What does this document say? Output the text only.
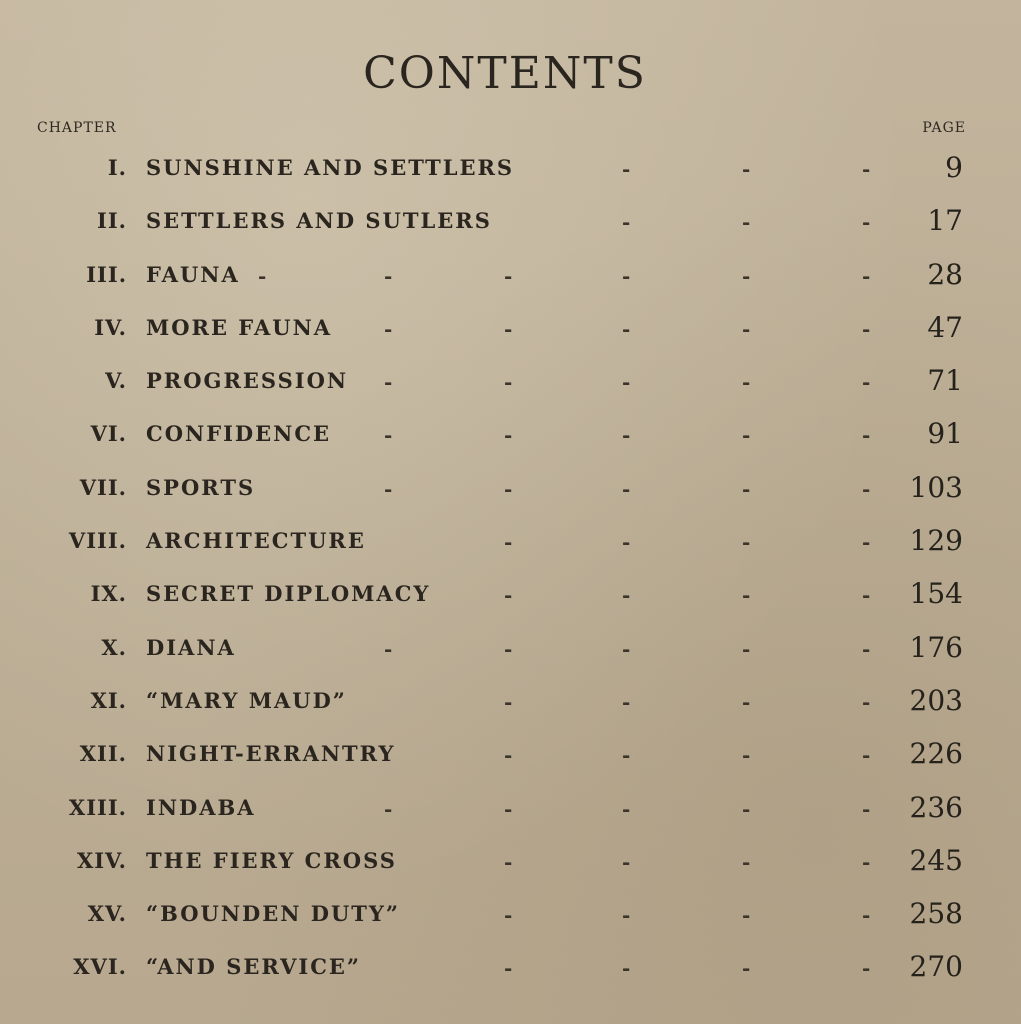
CONTENTS
CHAPTER	PAGE
I. SUNSHINE AND SETTLERS	-	-	-	9
II. SETTLERS AND SUTLERS	-	-	- 17
III. FAUNA -	-	-	-	-	- 28
IV. MORE FAUNA	-	-	-	-	- 47
V. PROGRESSION -	-	-	-	- 71
VI. CONFIDENCE	-	-	-	-	- 91
VII. SPORTS	-	-	-	-	- 103
VIII. ARCHITECTURE	-	-	-	- 129
IX. SECRET DIPLOMACY	-	-	-	- 154
X. DIANA	-	-	-	-	- 176
XI. “MARY MAUD”	-	-	-	- 203
XII. NIGHT-ERRANTRY	-	-	-	- 226
XIII. INDABA	-	-	-	-	- 236
XIV. THE FIERY CROSS	-	-	-	- 245
XV. “BOUNDEN DUTY”	-	-	-	- 258
XVI. “AND SERVICE”	-	-	-	- 270
